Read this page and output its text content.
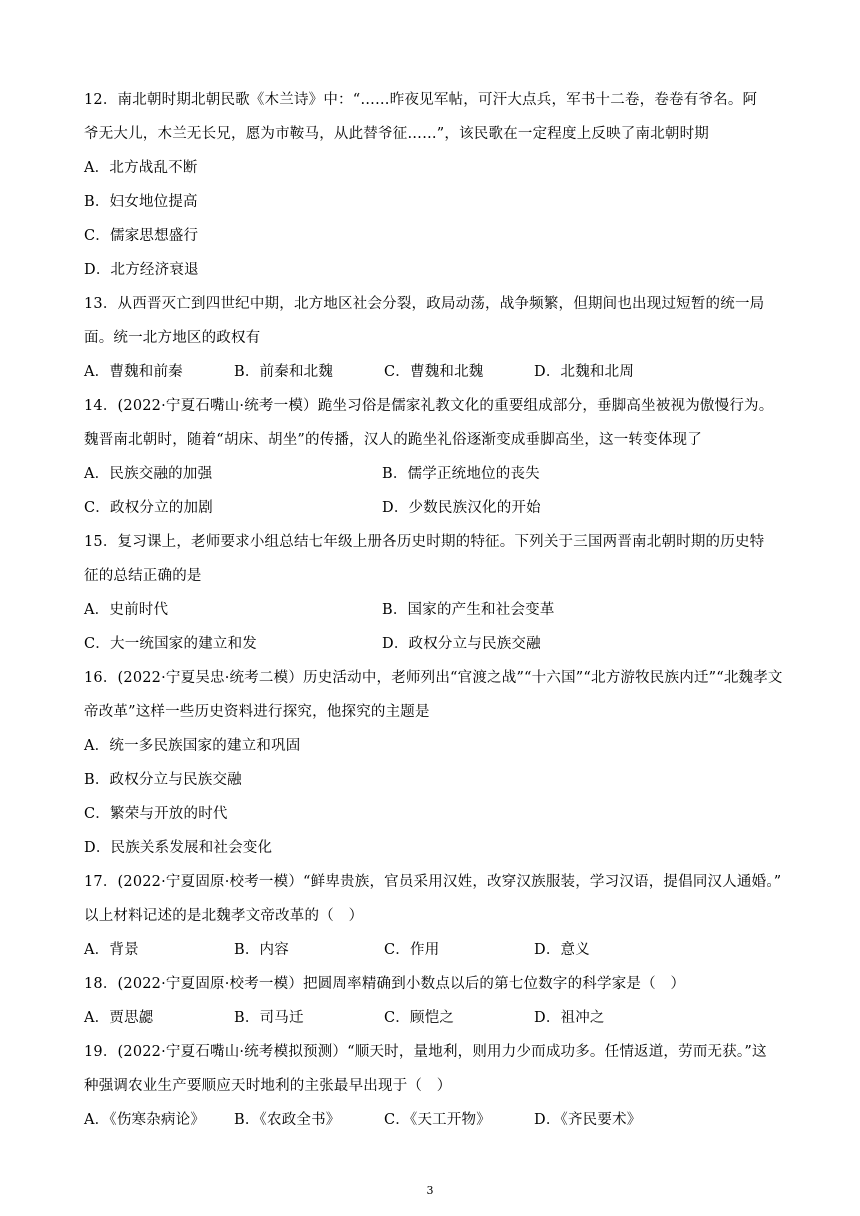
12．南北朝时期北朝民歌《木兰诗》中：“……昨夜见军帖，可汗大点兵，军书十二卷，卷卷有爷名。阿
爷无大儿，木兰无长兄，愿为市鞍马，从此替爷征……”，该民歌在一定程度上反映了南北朝时期
A．北方战乱不断
B．妇女地位提高
C．儒家思想盛行
D．北方经济衰退
13．从西晋灭亡到四世纪中期，北方地区社会分裂，政局动荡，战争频繁，但期间也出现过短暂的统一局
面。统一北方地区的政权有
A．曹魏和前秦	B．前秦和北魏	C．曹魏和北魏	D．北魏和北周
14．(2022·宁夏石嘴山·统考一模）跪坐习俗是儒家礼教文化的重要组成部分，垂脚高坐被视为傲慢行为。
魏晋南北朝时，随着“胡床、胡坐”的传播，汉人的跪坐礼俗逐渐变成垂脚高坐，这一转变体现了
A．民族交融的加强	B．儒学正统地位的丧失
C．政权分立的加剧	D．少数民族汉化的开始
15．复习课上，老师要求小组总结七年级上册各历史时期的特征。下列关于三国两晋南北朝时期的历史特
征的总结正确的是
A．史前时代	B．国家的产生和社会变革
C．大一统国家的建立和发	D．政权分立与民族交融
16．(2022·宁夏吴忠·统考二模）历史活动中，老师列出“官渡之战”“十六国”“北方游牧民族内迁”“北魏孝文
帝改革”这样一些历史资料进行探究，他探究的主题是
A．统一多民族国家的建立和巩固
B．政权分立与民族交融
C．繁荣与开放的时代
D．民族关系发展和社会变化
17．(2022·宁夏固原·校考一模）“鲜卑贵族，官员采用汉姓，改穿汉族服装，学习汉语，提倡同汉人通婚。”
以上材料记述的是北魏孝文帝改革的（　）
A．背景	B．内容	C．作用	D．意义
18．(2022·宁夏固原·校考一模）把圆周率精确到小数点以后的第七位数字的科学家是（　）
A．贾思勰	B．司马迁	C．顾恺之	D．祖冲之
19．(2022·宁夏石嘴山·统考模拟预测）“顺天时，量地利，则用力少而成功多。任情返道，劳而无获。”这
种强调农业生产要顺应天时地利的主张最早出现于（　）
A．《伤寒杂病论》	B．《农政全书》	C．《天工开物》	D．《齐民要术》
3
